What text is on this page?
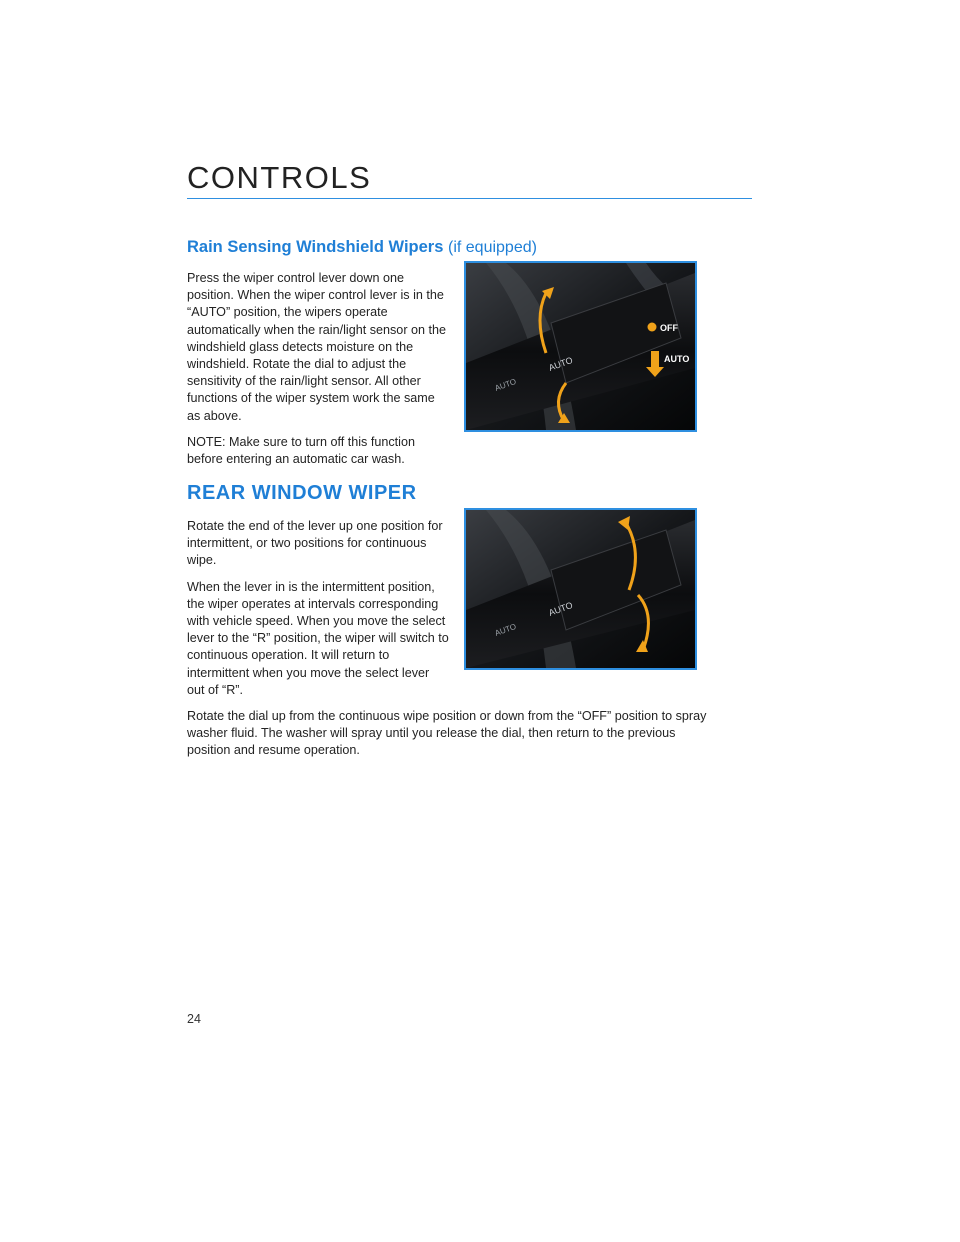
CONTROLS
Rain Sensing Windshield Wipers (if equipped)

Press the wiper control lever down one position. When the wiper control lever is in the “AUTO” position, the wipers operate automatically when the rain/light sensor on the windshield glass detects moisture on the windshield. Rotate the dial to adjust the sensitivity of the rain/light sensor. All other functions of the wiper system work the same as above.

NOTE: Make sure to turn off this function before entering an automatic car wash.

AUTO
AUTO
OFF
AUTO
REAR WINDOW WIPER

Rotate the end of the lever up one position for intermittent, or two positions for continuous wipe.

When the lever in is the intermittent position, the wiper operates at intervals corresponding with vehicle speed. When you move the select lever to the “R” position, the wiper will switch to continuous operation. It will return to intermittent when you move the select lever out of “R”.

AUTO
AUTO

Rotate the dial up from the continuous wipe position or down from the “OFF” position to spray washer fluid. The washer will spray until you release the dial, then return to the previous position and resume operation.

24
